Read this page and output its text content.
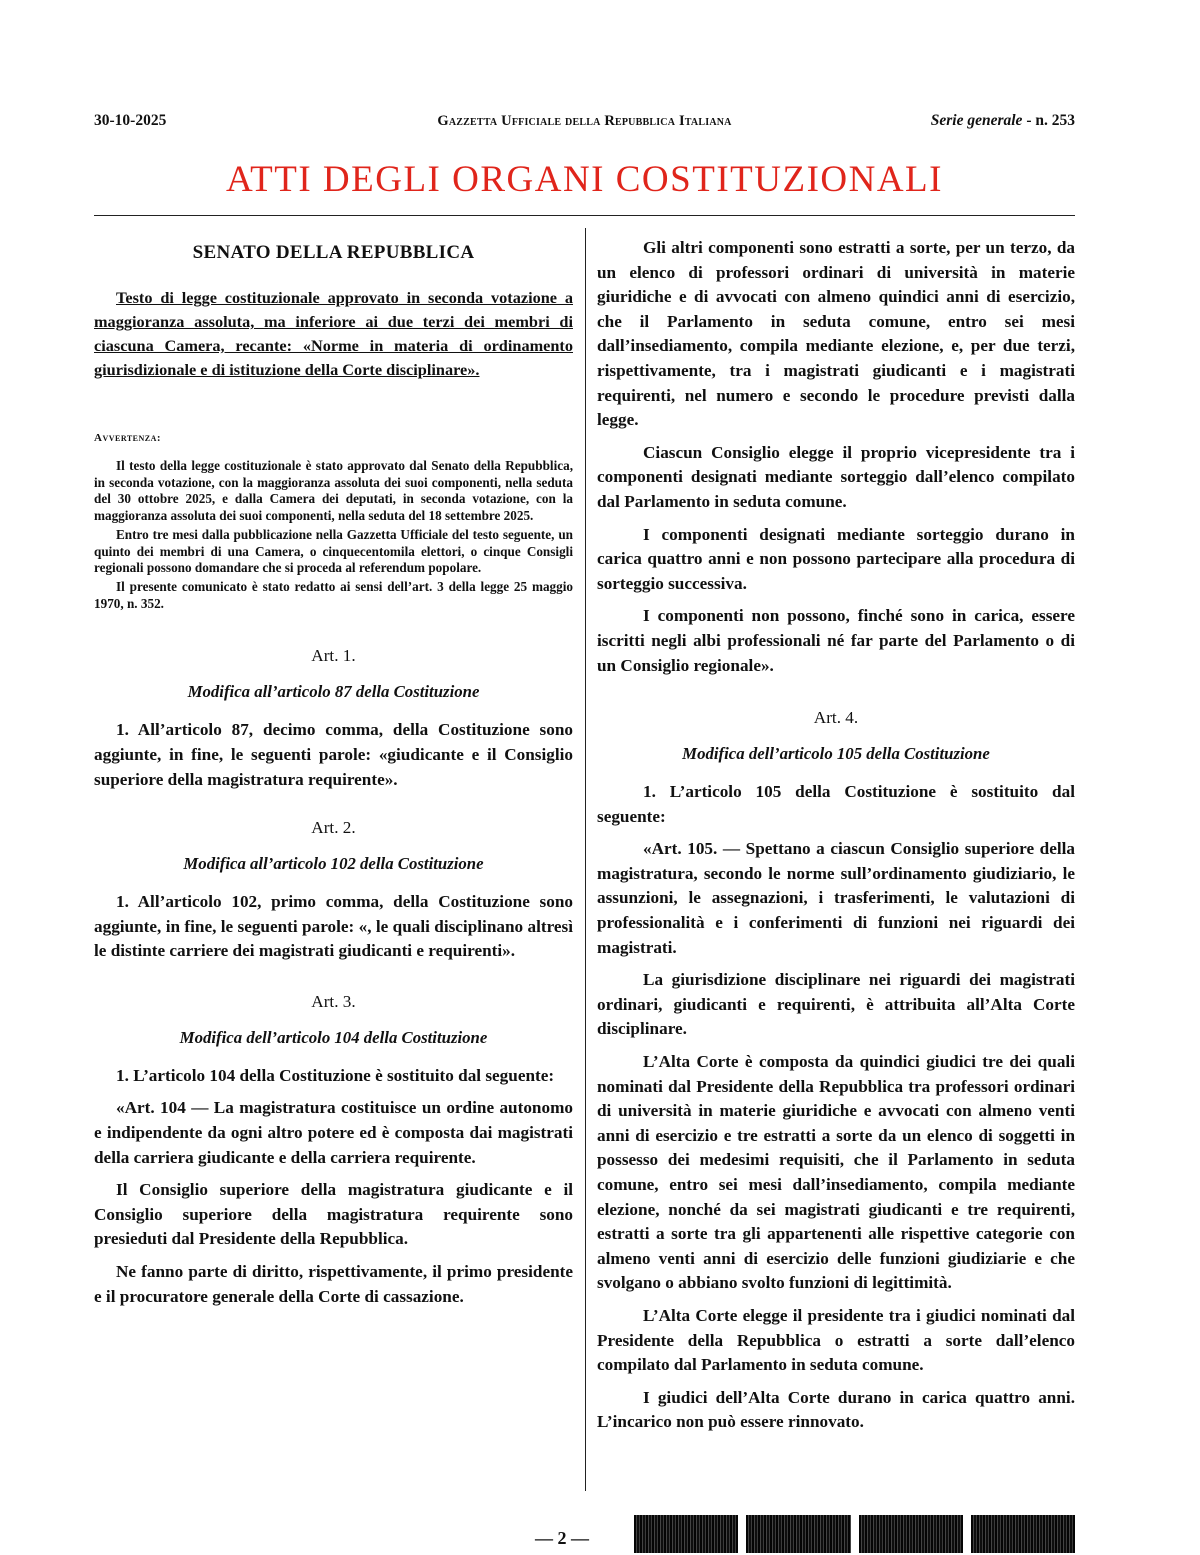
30-10-2025	Gazzetta Ufficiale della Repubblica Italiana	Serie generale - n. 253
ATTI DEGLI ORGANI COSTITUZIONALI
SENATO DELLA REPUBBLICA
Testo di legge costituzionale approvato in seconda votazione a maggioranza assoluta, ma inferiore ai due terzi dei membri di ciascuna Camera, recante: «Norme in materia di ordinamento giurisdizionale e di istituzione della Corte disciplinare».
Avvertenza:

Il testo della legge costituzionale è stato approvato dal Senato della Repubblica, in seconda votazione, con la maggioranza assoluta dei suoi componenti, nella seduta del 30 ottobre 2025, e dalla Camera dei deputati, in seconda votazione, con la maggioranza assoluta dei suoi componenti, nella seduta del 18 settembre 2025.

Entro tre mesi dalla pubblicazione nella Gazzetta Ufficiale del testo seguente, un quinto dei membri di una Camera, o cinquecentomila elettori, o cinque Consigli regionali possono domandare che si proceda al referendum popolare.

Il presente comunicato è stato redatto ai sensi dell’art. 3 della legge 25 maggio 1970, n. 352.

Art. 1.
Modifica all’articolo 87 della Costituzione

1. All’articolo 87, decimo comma, della Costituzione sono aggiunte, in fine, le seguenti parole: «giudicante e il Consiglio superiore della magistratura requirente».

Art. 2.
Modifica all’articolo 102 della Costituzione

1. All’articolo 102, primo comma, della Costituzione sono aggiunte, in fine, le seguenti parole: «, le quali disciplinano altresì le distinte carriere dei magistrati giudicanti e requirenti».

Art. 3.
Modifica dell’articolo 104 della Costituzione

1. L’articolo 104 della Costituzione è sostituito dal seguente:

«Art. 104 — La magistratura costituisce un ordine autonomo e indipendente da ogni altro potere ed è composta dai magistrati della carriera giudicante e della carriera requirente.

Il Consiglio superiore della magistratura giudicante e il Consiglio superiore della magistratura requirente sono presieduti dal Presidente della Repubblica.

Ne fanno parte di diritto, rispettivamente, il primo presidente e il procuratore generale della Corte di cassazione.

Gli altri componenti sono estratti a sorte, per un terzo, da un elenco di professori ordinari di università in materie giuridiche e di avvocati con almeno quindici anni di esercizio, che il Parlamento in seduta comune, entro sei mesi dall’insediamento, compila mediante elezione, e, per due terzi, rispettivamente, tra i magistrati giudicanti e i magistrati requirenti, nel numero e secondo le procedure previsti dalla legge.

Ciascun Consiglio elegge il proprio vicepresidente tra i componenti designati mediante sorteggio dall’elenco compilato dal Parlamento in seduta comune.

I componenti designati mediante sorteggio durano in carica quattro anni e non possono partecipare alla procedura di sorteggio successiva.

I componenti non possono, finché sono in carica, essere iscritti negli albi professionali né far parte del Parlamento o di un Consiglio regionale».

Art. 4.
Modifica dell’articolo 105 della Costituzione

1. L’articolo 105 della Costituzione è sostituito dal seguente:

«Art. 105. — Spettano a ciascun Consiglio superiore della magistratura, secondo le norme sull’ordinamento giudiziario, le assunzioni, le assegnazioni, i trasferimenti, le valutazioni di professionalità e i conferimenti di funzioni nei riguardi dei magistrati.

La giurisdizione disciplinare nei riguardi dei magistrati ordinari, giudicanti e requirenti, è attribuita all’Alta Corte disciplinare.

L’Alta Corte è composta da quindici giudici tre dei quali nominati dal Presidente della Repubblica tra professori ordinari di università in materie giuridiche e avvocati con almeno venti anni di esercizio e tre estratti a sorte da un elenco di soggetti in possesso dei medesimi requisiti, che il Parlamento in seduta comune, entro sei mesi dall’insediamento, compila mediante elezione, nonché da sei magistrati giudicanti e tre requirenti, estratti a sorte tra gli appartenenti alle rispettive categorie con almeno venti anni di esercizio delle funzioni giudiziarie e che svolgano o abbiano svolto funzioni di legittimità.

L’Alta Corte elegge il presidente tra i giudici nominati dal Presidente della Repubblica o estratti a sorte dall’elenco compilato dal Parlamento in seduta comune.

I giudici dell’Alta Corte durano in carica quattro anni. L’incarico non può essere rinnovato.

— 2 —
